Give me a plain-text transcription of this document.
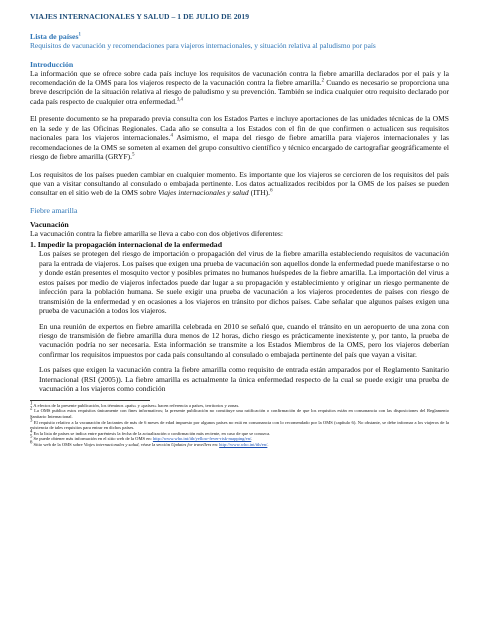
VIAJES INTERNACIONALES Y SALUD – 1 DE JULIO DE 2019

Lista de países$^1$

Requisitos de vacunación y recomendaciones para viajeros internacionales, y situación relativa al paludismo por país

Introducción

La información que se ofrece sobre cada país incluye los requisitos de vacunación contra la fiebre amarilla declarados por el país y la recomendación de la OMS para los viajeros respecto de la vacunación contra la fiebre amarilla.$^2$ Cuando es necesario se proporciona una breve descripción de la situación relativa al riesgo de paludismo y su prevención. También se indica cualquier otro requisito declarado por cada país respecto de cualquier otra enfermedad.$^{3,4}$

El presente documento se ha preparado previa consulta con los Estados Partes e incluye aportaciones de las unidades técnicas de la OMS en la sede y de las Oficinas Regionales. Cada año se consulta a los Estados con el fin de que confirmen o actualicen sus requisitos nacionales para los viajeros internacionales.$^4$ Asimismo, el mapa del riesgo de fiebre amarilla para viajeros internacionales y las recomendaciones de la OMS se someten al examen del grupo consultivo científico y técnico encargado de cartografiar geográficamente el riesgo de fiebre amarilla (GRYF).$^5$

Los requisitos de los países pueden cambiar en cualquier momento. Es importante que los viajeros se cercioren de los requisitos del país que van a visitar consultando al consulado o embajada pertinente. Los datos actualizados recibidos por la OMS de los países se pueden consultar en el sitio web de la OMS sobre Viajes internacionales y salud (ITH).$^6$

Fiebre amarilla

Vacunación

La vacunación contra la fiebre amarilla se lleva a cabo con dos objetivos diferentes:

1. Impedir la propagación internacional de la enfermedad

Los países se protegen del riesgo de importación o propagación del virus de la fiebre amarilla estableciendo requisitos de vacunación para la entrada de viajeros. Los países que exigen una prueba de vacunación son aquellos donde la enfermedad puede manifestarse o no y donde están presentes el mosquito vector y posibles primates no humanos huéspedes de la fiebre amarilla. La importación del virus a estos países por medio de viajeros infectados puede dar lugar a su propagación y establecimiento y originar un riesgo permanente de infección para la población humana. Se suele exigir una prueba de vacunación a los viajeros procedentes de países con riesgo de transmisión de la enfermedad y en ocasiones a los viajeros en tránsito por dichos países. Cabe señalar que algunos países exigen una prueba de vacunación a todos los viajeros.

En una reunión de expertos en fiebre amarilla celebrada en 2010 se señaló que, cuando el tránsito en un aeropuerto de una zona con riesgo de transmisión de fiebre amarilla dura menos de 12 horas, dicho riesgo es prácticamente inexistente y, por tanto, la prueba de vacunación podría no ser necesaria. Esta información se transmite a los Estados Miembros de la OMS, pero los viajeros deberían confirmar los requisitos impuestos por cada país consultando al consulado o embajada pertinente del país que vayan a visitar.

Los países que exigen la vacunación contra la fiebre amarilla como requisito de entrada están amparados por el Reglamento Sanitario Internacional (RSI (2005)). La fiebre amarilla es actualmente la única enfermedad respecto de la cual se puede exigir una prueba de vacunación a los viajeros como condición

$^1$ A efectos de la presente publicación, los términos «país» y «países» hacen referencia a países, territorios y zonas.

$^2$ La OMS publica estos requisitos únicamente con fines informativos; la presente publicación no constituye una ratificación o confirmación de que los requisitos están en consonancia con las disposiciones del Reglamento Sanitario Internacional.

$^3$ El requisito relativo a la vacunación de lactantes de más de 6 meses de edad impuesto por algunos países no está en consonancia con lo recomendado por la OMS (capítulo 6). No obstante, se debe informar a los viajeros de la existencia de tales requisitos para entrar en dichos países.

$^4$ En la lista de países se indica entre paréntesis la fecha de la actualización o confirmación más reciente, en caso de que se conozca.

$^5$ Se puede obtener más información en el sitio web de la OMS en: http://www.who.int/ith/yellow-fever-risk-mapping/en/.

$^6$ Sitio web de la OMS sobre Viajes internacionales y salud, véase la sección Updates for travellers en: http://www.who.int/ith/en/.
